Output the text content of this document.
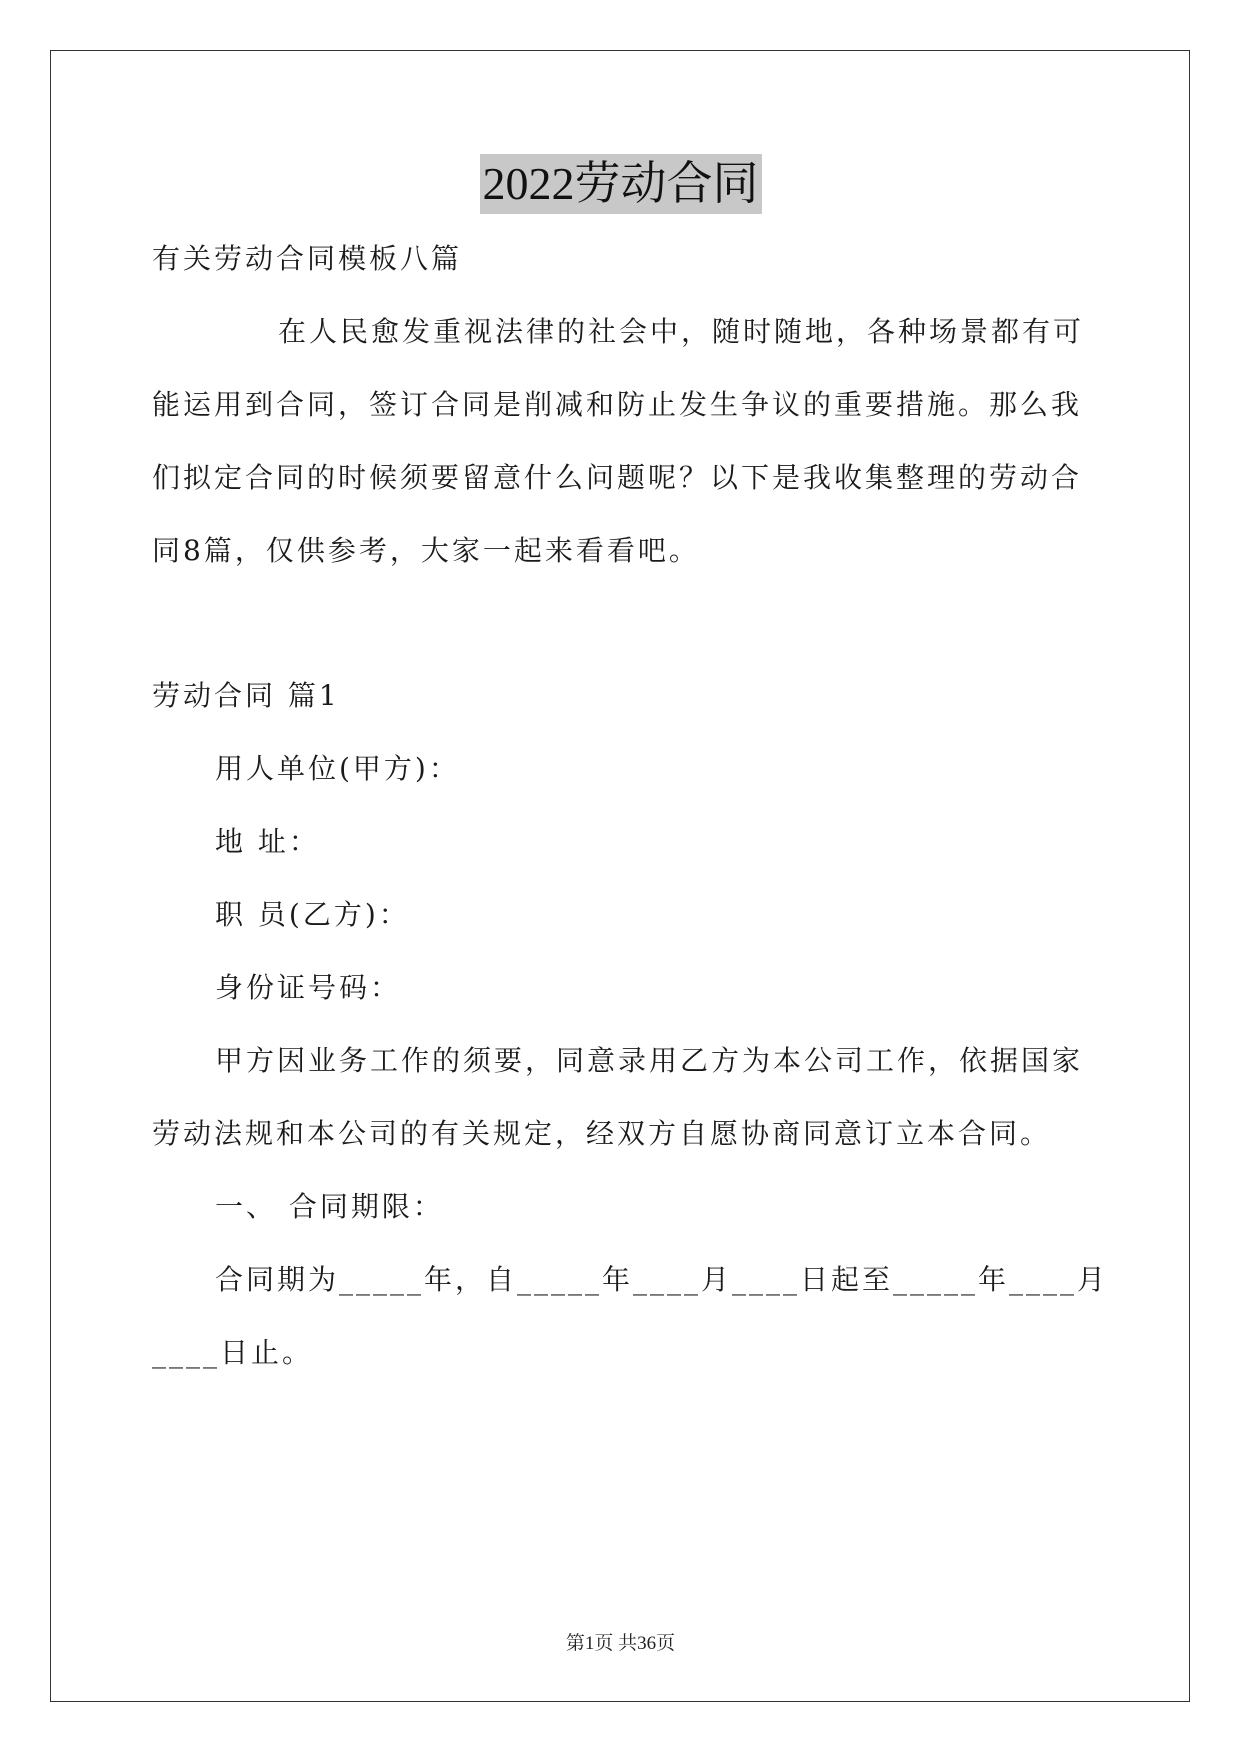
2022劳动合同
有关劳动合同模板八篇
在人民愈发重视法律的社会中，随时随地，各种场景都有可
能运用到合同，签订合同是削减和防止发生争议的重要措施。那么我
们拟定合同的时候须要留意什么问题呢？以下是我收集整理的劳动合
同8篇，仅供参考，大家一起来看看吧。
劳动合同 篇1
用人单位(甲方)：
地 址：
职 员(乙方)：
身份证号码：
甲方因业务工作的须要，同意录用乙方为本公司工作，依据国家
劳动法规和本公司的有关规定，经双方自愿协商同意订立本合同。
一、 合同期限：
合同期为_____年，自_____年____月____日起至_____年____月
____日止。
第1页 共36页
